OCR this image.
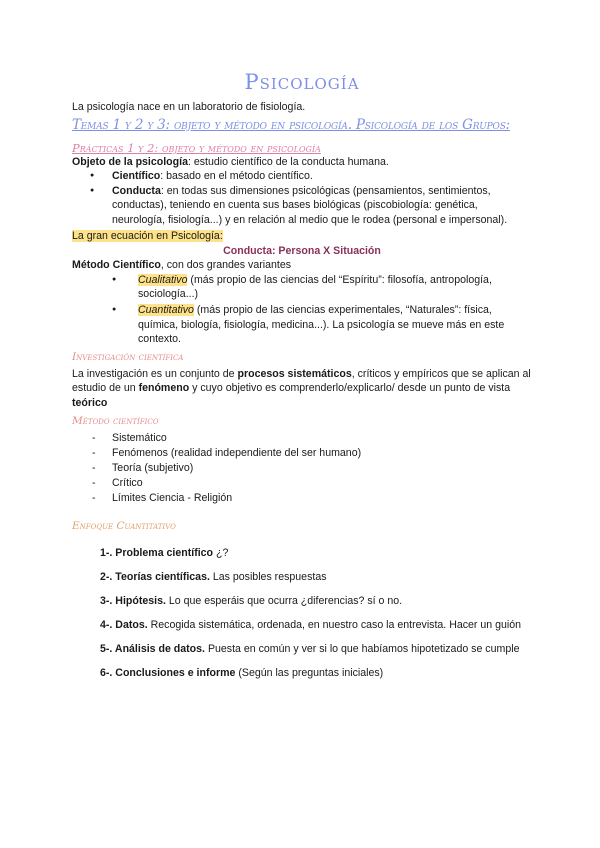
Psicología

La psicología nace en un laboratorio de fisiología.

Temas 1 y 2 y 3: objeto y método en psicología. Psicología de los Grupos:
Prácticas 1 y 2: objeto y método en psicología

Objeto de la psicología: estudio científico de la conducta humana.

● Científico: basado en el método científico.
● Conducta: en todas sus dimensiones psicológicas (pensamientos, sentimientos, conductas), teniendo en cuenta sus bases biológicas (piscobiología: genética, neurología, fisiología...) y en relación al medio que le rodea (personal e impersonal).

La gran ecuación en Psicología:

Conducta: Persona X Situación

Método Científico, con dos grandes variantes

● Cualitativo (más propio de las ciencias del “Espíritu”: filosofía, antropología, sociología...)
● Cuantitativo (más propio de las ciencias experimentales, “Naturales”: física, química, biología, fisiología, medicina...). La psicología se mueve más en este contexto.
Investigación científica

La investigación es un conjunto de procesos sistemáticos, críticos y empíricos que se aplican al estudio de un fenómeno y cuyo objetivo es comprenderlo/explicarlo/ desde un punto de vista teórico

Método científico
- Sistemático
- Fenómenos (realidad independiente del ser humano)
- Teoría (subjetivo)
- Crítico
- Límites Ciencia - Religión
Enfoque Cuantitativo

1-. Problema científico ¿?

2-. Teorías científicas. Las posibles respuestas

3-. Hipótesis. Lo que esperáis que ocurra ¿diferencias? sí o no.

4-. Datos. Recogida sistemática, ordenada, en nuestro caso la entrevista. Hacer un guión

5-. Análisis de datos. Puesta en común y ver si lo que habíamos hipotetizado se cumple

6-. Conclusiones e informe (Según las preguntas iniciales)
